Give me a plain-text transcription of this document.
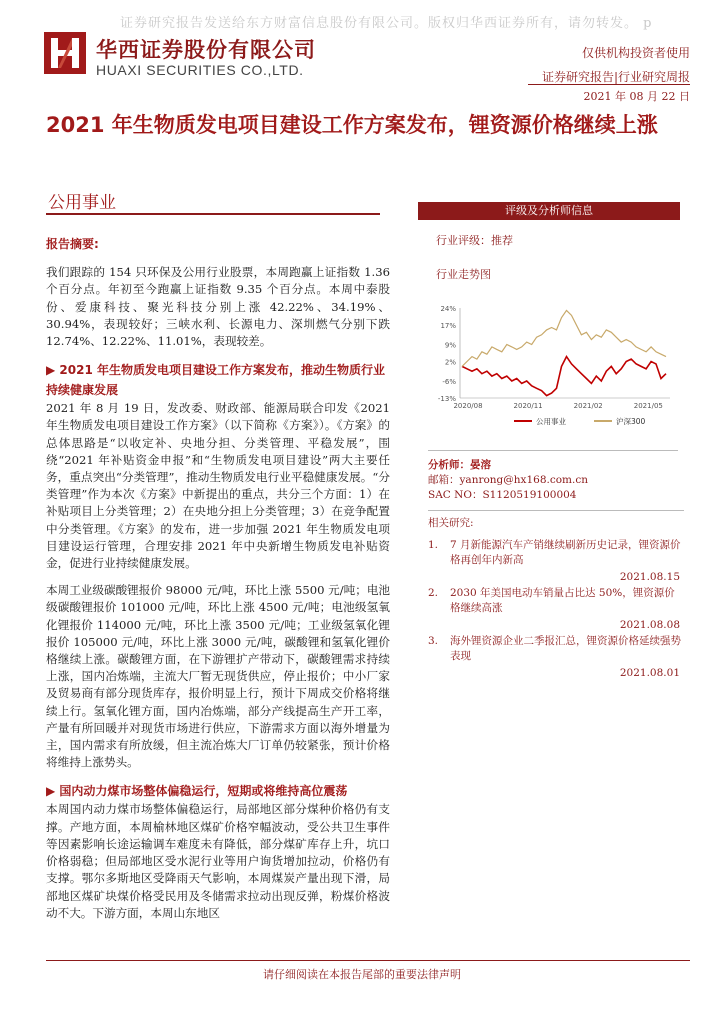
证券研究报告发送给东方财富信息股份有限公司。版权归华西证券所有，请勿转发。 p
华西证券股份有限公司
HUAXI SECURITIES CO.,LTD.
仅供机构投资者使用
证券研究报告|行业研究周报
2021 年 08 月 22 日
2021 年生物质发电项目建设工作方案发布，锂资源价格继续上涨
公用事业
报告摘要:

我们跟踪的 154 只环保及公用行业股票，本周跑赢上证指数 1.36 个百分点。年初至今跑赢上证指数 9.35 个百分点。本周中泰股份、爱康科技、聚光科技分别上涨 42.22%、34.19%、30.94%，表现较好；三峡水利、长源电力、深圳燃气分别下跌 12.74%、12.22%、11.01%，表现较差。

▶ 2021 年生物质发电项目建设工作方案发布，推动生物质行业持续健康发展

2021 年 8 月 19 日，发改委、财政部、能源局联合印发《2021 年生物质发电项目建设工作方案》（以下简称《方案》）。《方案》的总体思路是“以收定补、央地分担、分类管理、平稳发展”，围绕“2021 年补贴资金申报”和“生物质发电项目建设”两大主要任务，重点突出“分类管理”，推动生物质发电行业平稳健康发展。“分类管理”作为本次《方案》中新提出的重点，共分三个方面：1）在补贴项目上分类管理；2）在央地分担上分类管理；3）在竞争配置中分类管理。《方案》的发布，进一步加强 2021 年生物质发电项目建设运行管理，合理安排 2021 年中央新增生物质发电补贴资金，促进行业持续健康发展。

本周工业级碳酸锂报价 98000 元/吨，环比上涨 5500 元/吨；电池级碳酸锂报价 101000 元/吨，环比上涨 4500 元/吨；电池级氢氧化锂报价 114000 元/吨，环比上涨 3500 元/吨；工业级氢氧化锂报价 105000 元/吨，环比上涨 3000 元/吨，碳酸锂和氢氧化锂价格继续上涨。碳酸锂方面，在下游锂扩产带动下，碳酸锂需求持续上涨，国内冶炼端，主流大厂暂无现货供应，停止报价；中小厂家及贸易商有部分现货库存，报价明显上行，预计下周成交价格将继续上行。氢氧化锂方面，国内冶炼端，部分产线提高生产开工率，产量有所回暖并对现货市场进行供应，下游需求方面以海外增量为主，国内需求有所放缓，但主流冶炼大厂订单仍较紧张，预计价格将维持上涨势头。

▶ 国内动力煤市场整体偏稳运行，短期或将维持高位震荡

本周国内动力煤市场整体偏稳运行，局部地区部分煤种价格仍有支撑。产地方面，本周榆林地区煤矿价格窄幅波动，受公共卫生事件等因素影响长途运输调车难度未有降低，部分煤矿库存上升，坑口价格弱稳；但局部地区受水泥行业等用户询货增加拉动，价格仍有支撑。鄂尔多斯地区受降雨天气影响，本周煤炭产量出现下滑，局部地区煤矿块煤价格受民用及冬储需求拉动出现反弹，粉煤价格波动不大。下游方面，本周山东地区

评级及分析师信息
行业评级：推荐
行业走势图
24%
17%
9%
2%
-6%
-13%
2020/08	2020/11	2021/02	2021/05
公用事业	沪深300
分析师：晏溶
邮箱：yanrong@hx168.com.cn
SAC NO：S1120519100004
相关研究:
1.	7 月新能源汽车产销继续刷新历史记录，锂资源价格再创年内新高
2021.08.15
2.	2030 年美国电动车销量占比达 50%，锂资源价格继续高涨
2021.08.08
3.	海外锂资源企业二季报汇总，锂资源价格延续强势表现
2021.08.01
请仔细阅读在本报告尾部的重要法律声明
